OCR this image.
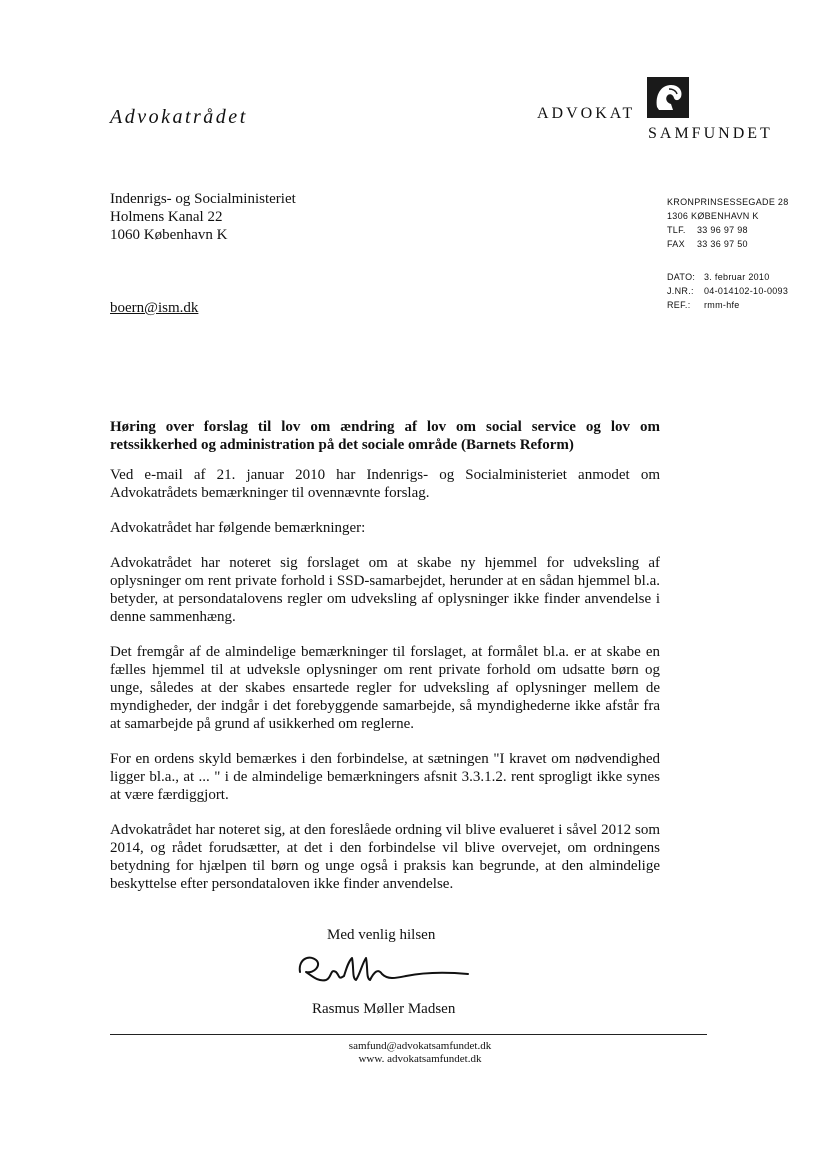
Advokatrådet	ADVOKAT
SAMFUNDET
Indenrigs- og Socialministeriet
Holmens Kanal 22
1060 København K
boern@ism.dk
KRONPRINSESSEGADE 28
1306 KØBENHAVN K
TLF. 33 96 97 98
FAX 33 36 97 50
DATO: 3. februar 2010
J.NR.: 04-014102-10-0093
REF.: rmm-hfe

Høring over forslag til lov om ændring af lov om social service og lov om retssikkerhed og administration på det sociale område (Barnets Reform)

Ved e-mail af 21. januar 2010 har Indenrigs- og Socialministeriet anmodet om Advokatrådets bemærkninger til ovennævnte forslag.

Advokatrådet har følgende bemærkninger:

Advokatrådet har noteret sig forslaget om at skabe ny hjemmel for udveksling af oplysninger om rent private forhold i SSD-samarbejdet, herunder at en sådan hjemmel bl.a. betyder, at persondatalovens regler om udveksling af oplysninger ikke finder anvendelse i denne sammenhæng.

Det fremgår af de almindelige bemærkninger til forslaget, at formålet bl.a. er at skabe en fælles hjemmel til at udveksle oplysninger om rent private forhold om udsatte børn og unge, således at der skabes ensartede regler for udveksling af oplysninger mellem de myndigheder, der indgår i det forebyggende samarbejde, så myndighederne ikke afstår fra at samarbejde på grund af usikkerhed om reglerne.

For en ordens skyld bemærkes i den forbindelse, at sætningen "I kravet om nødvendighed ligger bl.a., at ... " i de almindelige bemærkningers afsnit 3.3.1.2. rent sprogligt ikke synes at være færdiggjort.

Advokatrådet har noteret sig, at den foreslåede ordning vil blive evalueret i såvel 2012 som 2014, og rådet forudsætter, at det i den forbindelse vil blive overvejet, om ordningens betydning for hjælpen til børn og unge også i praksis kan begrunde, at den almindelige beskyttelse efter persondataloven ikke finder anvendelse.

Med venlig hilsen
Rasmus Møller Madsen
samfund@advokatsamfundet.dk
www. advokatsamfundet.dk
